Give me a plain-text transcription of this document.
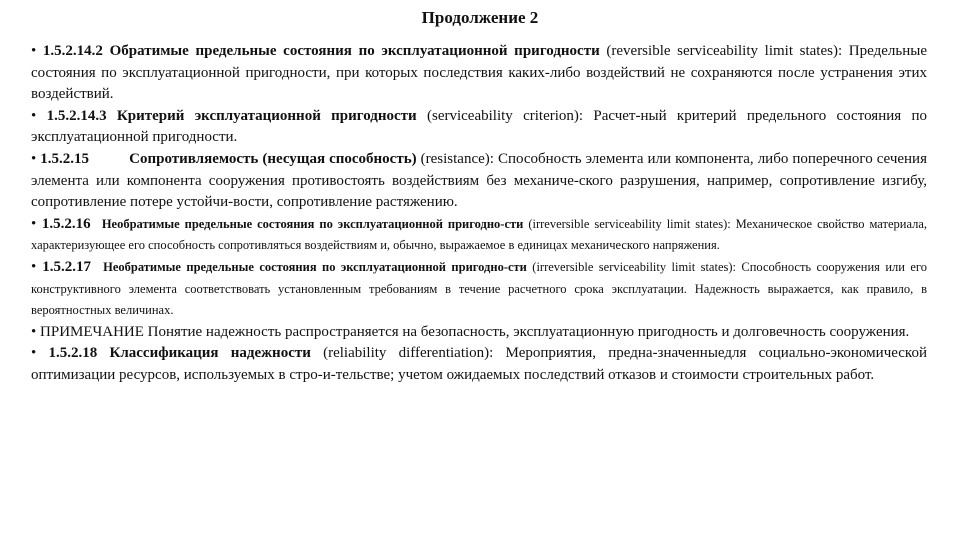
Продолжение 2

• 1.5.2.14.2 Обратимые предельные состояния по эксплуатационной пригодности (reversible serviceability limit states): Предельные состояния по эксплуатационной пригодности, при которых последствия каких-либо воздействий не сохраняются после устранения этих воздействий.

• 1.5.2.14.3 Критерий эксплуатационной пригодности (serviceability criterion): Расчет-ный критерий предельного состояния по эксплуатационной пригодности.

• 1.5.2.15	Сопротивляемость (несущая способность) (resistance): Способность элемента или компонента, либо поперечного сечения элемента или компонента сооружения противостоять воздействиям без механиче-ского разрушения, например, сопротивление изгибу, сопротивление потере устойчи-вости, сопротивление растяжению.

• 1.5.2.16 Необратимые предельные состояния по эксплуатационной пригодно-сти (irreversible serviceability limit states): Механическое свойство материала, характеризующее его способность сопротивляться воздействиям и, обычно, выражаемое в единицах механического напряжения.

• 1.5.2.17 Необратимые предельные состояния по эксплуатационной пригодно-сти (irreversible serviceability limit states): Способность сооружения или его конструктивного элемента соответствовать установленным требованиям в течение расчетного срока эксплуатации. Надежность выражается, как правило, в вероятностных величинах.

• ПРИМЕЧАНИЕ Понятие надежность распространяется на безопасность, эксплуатационную пригодность и долговечность сооружения.

• 1.5.2.18 Классификация надежности (reliability differentiation): Мероприятия, предна-значенныедля социально-экономической оптимизации ресурсов, используемых в стро-и-тельстве; учетом ожидаемых последствий отказов и стоимости строительных работ.
